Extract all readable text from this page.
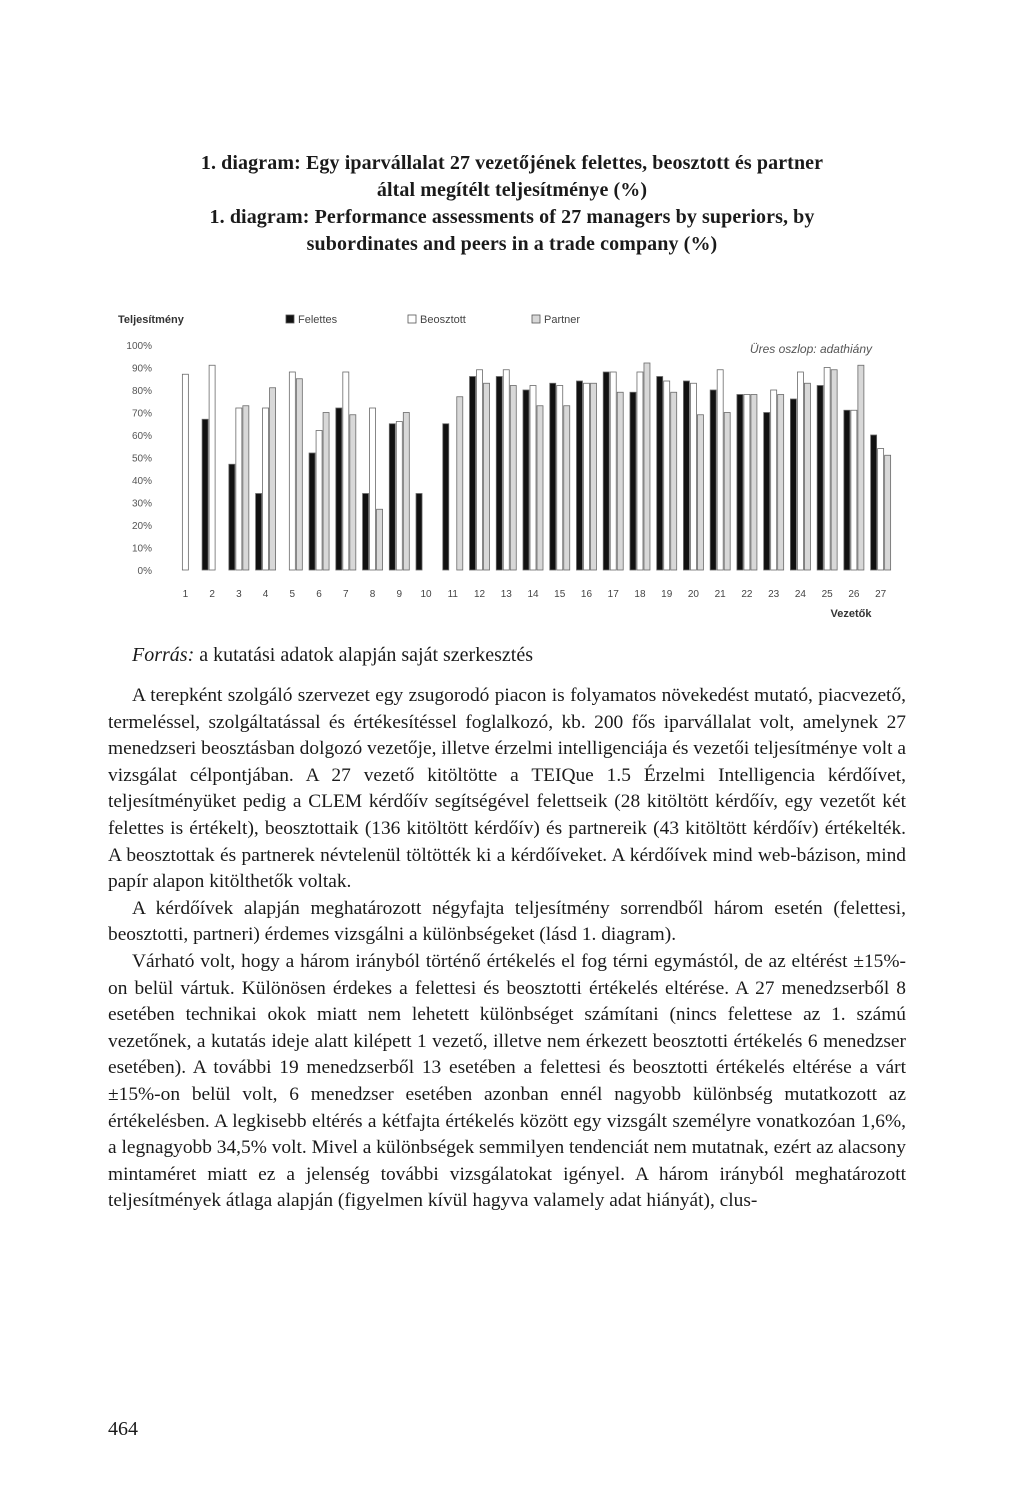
1. diagram: Egy iparvállalat 27 vezetőjének felettes, beosztott és partner
által megítélt teljesítménye (%)
1. diagram: Performance assessments of 27 managers by superiors, by
subordinates and peers in a trade company (%)
Teljesítmény
Vezetők
Üres oszlop: adathiány
Felettes	Beosztott	Partner
0%
10%
20%
30%
40%
50%
60%
70%
80%
90%
100%
1 2 3 4 5 6 7 8 9 10 11 12 13 14 15 16 17 18 19 20 21 22 23 24 25 26 27
Forrás: a kutatási adatok alapján saját szerkesztés

A terepként szolgáló szervezet egy zsugorodó piacon is folyamatos növekedést mutató, piacvezető, termeléssel, szolgáltatással és értékesítéssel foglalkozó, kb. 200 fős iparvállalat volt, amelynek 27 menedzseri beosztásban dolgozó vezetője, illetve érzelmi intelligenciája és vezetői teljesítménye volt a vizsgálat célpontjában. A 27 vezető kitöltötte a TEIQue 1.5 Érzelmi Intelligencia kérdőívet, teljesítményüket pedig a CLEM kérdőív segítségével felettseik (28 kitöltött kérdőív, egy vezetőt két felettes is értékelt), beosztottaik (136 kitöltött kérdőív) és partnereik (43 kitöltött kérdőív) értékelték. A beosztottak és partnerek névtelenül töltötték ki a kérdőíveket. A kérdőívek mind web-bázison, mind papír alapon kitölthetők voltak.

A kérdőívek alapján meghatározott négyfajta teljesítmény sorrendből három esetén (felettesi, beosztotti, partneri) érdemes vizsgálni a különbségeket (lásd 1. diagram).

Várható volt, hogy a három irányból történő értékelés el fog térni egymástól, de az eltérést ±15%-on belül vártuk. Különösen érdekes a felettesi és beosztotti értékelés eltérése. A 27 menedzserből 8 esetében technikai okok miatt nem lehetett különbséget számítani (nincs felettese az 1. számú vezetőnek, a kutatás ideje alatt kilépett 1 vezető, illetve nem érkezett beosztotti értékelés 6 menedzser esetében). A további 19 menedzserből 13 esetében a felettesi és beosztotti értékelés eltérése a várt ±15%-on belül volt, 6 menedzser esetében azonban ennél nagyobb különbség mutatkozott az értékelésben. A legkisebb eltérés a kétfajta értékelés között egy vizsgált személyre vonatkozóan 1,6%, a legnagyobb 34,5% volt. Mivel a különbségek semmilyen tendenciát nem mutatnak, ezért az alacsony mintaméret miatt ez a jelenség további vizsgálatokat igényel. A három irányból meghatározott teljesítmények átlaga alapján (figyelmen kívül hagyva valamely adat hiányát), clus-

464
